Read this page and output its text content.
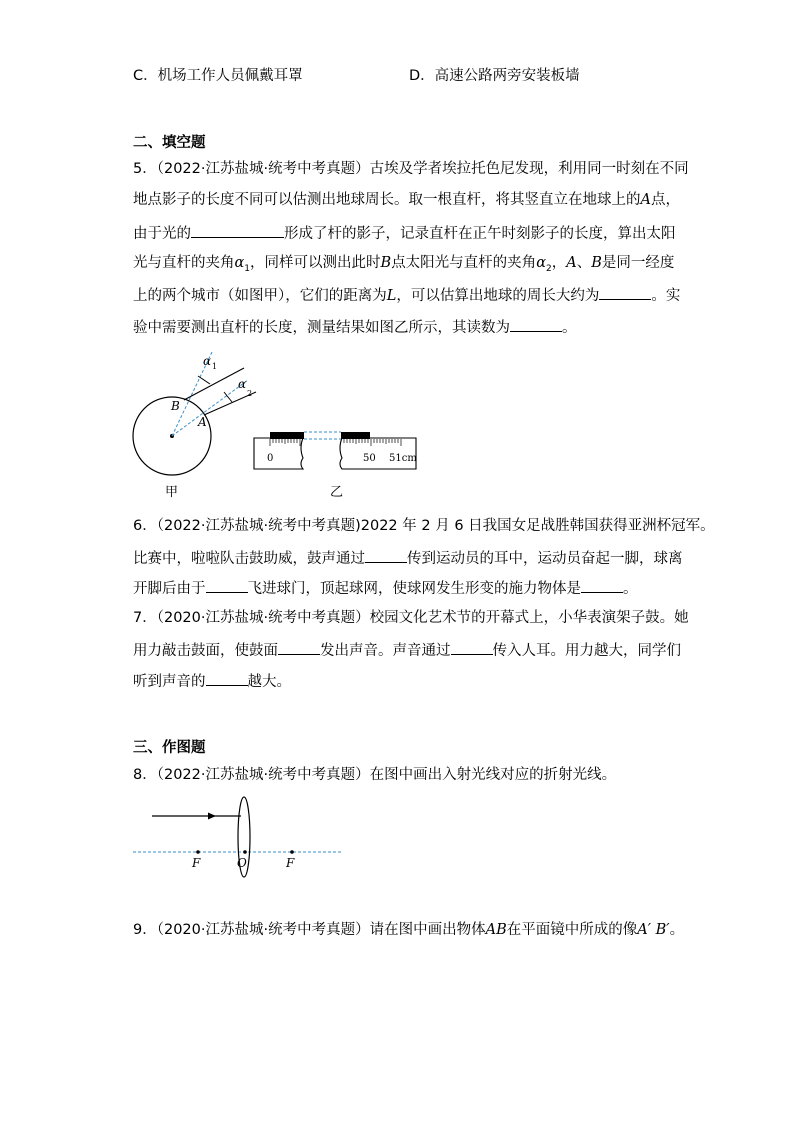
C．机场工作人员佩戴耳罩	D．高速公路两旁安装板墙
二、填空题
5．（2022·江苏盐城·统考中考真题）古埃及学者埃拉托色尼发现，利用同一时刻在不同
地点影子的长度不同可以估测出地球周长。取一根直杆，将其竖直立在地球上的A点，
由于光的	形成了杆的影子，记录直杆在正午时刻影子的长度，算出太阳
光与直杆的夹角$\alpha_1$，同样可以测出此时B点太阳光与直杆的夹角$\alpha_2$，A、B是同一经度
上的两个城市（如图甲），它们的距离为L，可以估算出地球的周长大约为	。实
验中需要测出直杆的长度，测量结果如图乙所示，其读数为	。
α 1
α
2
B
A
甲
0	50 51cm
乙
6．（2022·江苏盐城·统考中考真题)2022 年 2 月 6 日我国女足战胜韩国获得亚洲杯冠军。
比赛中，啦啦队击鼓助威，鼓声通过	传到运动员的耳中，运动员奋起一脚，球离
开脚后由于	飞进球门，顶起球网，使球网发生形变的施力物体是	。
7．（2020·江苏盐城·统考中考真题）校园文化艺术节的开幕式上，小华表演架子鼓。她
用力敲击鼓面，使鼓面	发出声音。声音通过	传入人耳。用力越大，同学们
听到声音的	越大。
三、作图题
8．（2022·江苏盐城·统考中考真题）在图中画出入射光线对应的折射光线。
F	O	F
9．（2020·江苏盐城·统考中考真题）请在图中画出物体AB在平面镜中所成的像A′ B′。
